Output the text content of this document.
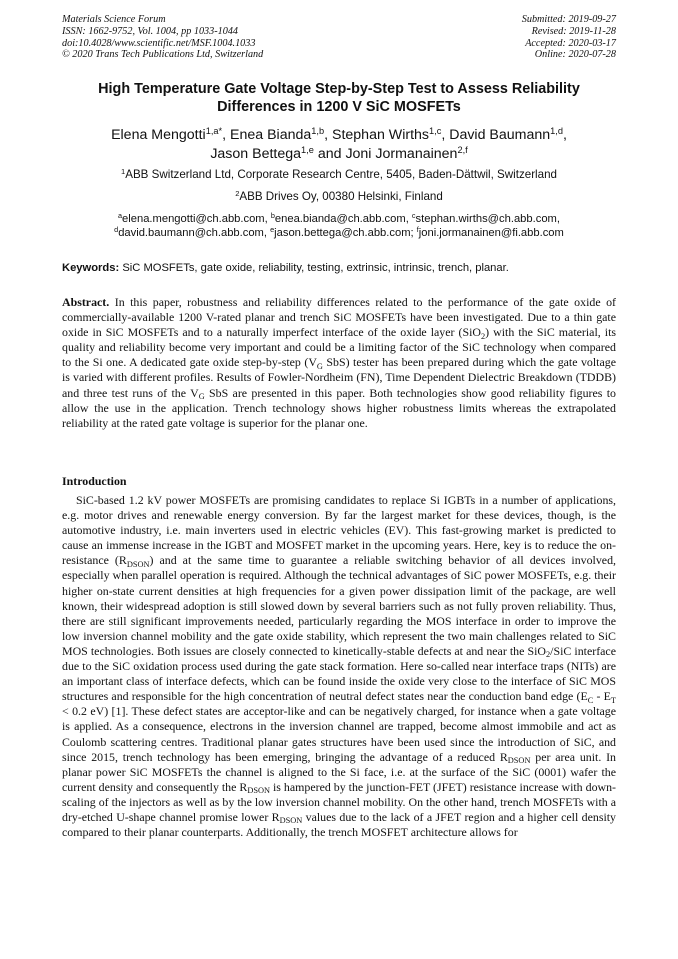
Materials Science Forum
ISSN: 1662-9752, Vol. 1004, pp 1033-1044
doi:10.4028/www.scientific.net/MSF.1004.1033
© 2020 Trans Tech Publications Ltd, Switzerland
Submitted: 2019-09-27
Revised: 2019-11-28
Accepted: 2020-03-17
Online: 2020-07-28
High Temperature Gate Voltage Step-by-Step Test to Assess Reliability
Differences in 1200 V SiC MOSFETs
Elena Mengotti$^{1,a*}$, Enea Bianda$^{1,b}$, Stephan Wirths$^{1,c}$, David Baumann$^{1,d}$,
Jason Bettega$^{1,e}$ and Joni Jormanainen$^{2,f}$
$^1$ABB Switzerland Ltd, Corporate Research Centre, 5405, Baden-Dättwil, Switzerland
$^2$ABB Drives Oy, 00380 Helsinki, Finland
$^a$elena.mengotti@ch.abb.com, $^b$enea.bianda@ch.abb.com, $^c$stephan.wirths@ch.abb.com,
$^d$david.baumann@ch.abb.com, $^e$jason.bettega@ch.abb.com; $^f$joni.jormanainen@fi.abb.com
Keywords: SiC MOSFETs, gate oxide, reliability, testing, extrinsic, intrinsic, trench, planar.
Abstract. In this paper, robustness and reliability differences related to the performance of the gate oxide of commercially-available 1200 V-rated planar and trench SiC MOSFETs have been investigated. Due to a thin gate oxide in SiC MOSFETs and to a naturally imperfect interface of the oxide layer (SiO$_2$) with the SiC material, its quality and reliability become very important and could be a limiting factor of the SiC technology when compared to the Si one. A dedicated gate oxide step-by-step ($V_G$ SbS) tester has been prepared during which the gate voltage is varied with different profiles. Results of Fowler-Nordheim (FN), Time Dependent Dielectric Breakdown (TDDB) and three test runs of the $V_G$ SbS are presented in this paper. Both technologies show good reliability figures to allow the use in the application. Trench technology shows higher robustness limits whereas the extrapolated reliability at the rated gate voltage is superior for the planar one.
Introduction

SiC-based 1.2 kV power MOSFETs are promising candidates to replace Si IGBTs in a number of applications, e.g. motor drives and renewable energy conversion. By far the largest market for these devices, though, is the automotive industry, i.e. main inverters used in electric vehicles (EV). This fast-growing market is predicted to cause an immense increase in the IGBT and MOSFET market in the upcoming years. Here, key is to reduce the on-resistance $(R_{DSON})$ and at the same time to guarantee a reliable switching behavior of all devices involved, especially when parallel operation is required. Although the technical advantages of SiC power MOSFETs, e.g. their higher on-state current densities at high frequencies for a given power dissipation limit of the package, are well known, their widespread adoption is still slowed down by several barriers such as not fully proven reliability. Thus, there are still significant improvements needed, particularly regarding the MOS interface in order to improve the low inversion channel mobility and the gate oxide stability, which represent the two main challenges related to SiC MOS technologies. Both issues are closely connected to kinetically-stable defects at and near the SiO$_2$/SiC interface due to the SiC oxidation process used during the gate stack formation. Here so-called near interface traps (NITs) are an important class of interface defects, which can be found inside the oxide very close to the interface of SiC MOS structures and responsible for the high concentration of neutral defect states near the conduction band edge ($E_C - E_T < 0.2$ eV) [1]. These defect states are acceptor-like and can be negatively charged, for instance when a gate voltage is applied. As a consequence, electrons in the inversion channel are trapped, become almost immobile and act as Coulomb scattering centres. Traditional planar gates structures have been used since the introduction of SiC, and since 2015, trench technology has been emerging, bringing the advantage of a reduced $R_{DSON}$ per area unit. In planar power SiC MOSFETs the channel is aligned to the Si face, i.e. at the surface of the SiC (0001) wafer the current density and consequently the $R_{DSON}$ is hampered by the junction-FET (JFET) resistance increase with down-scaling of the injectors as well as by the low inversion channel mobility. On the other hand, trench MOSFETs with a dry-etched U-shape channel promise lower $R_{DSON}$ values due to the lack of a JFET region and a higher cell density compared to their planar counterparts. Additionally, the trench MOSFET architecture allows for
